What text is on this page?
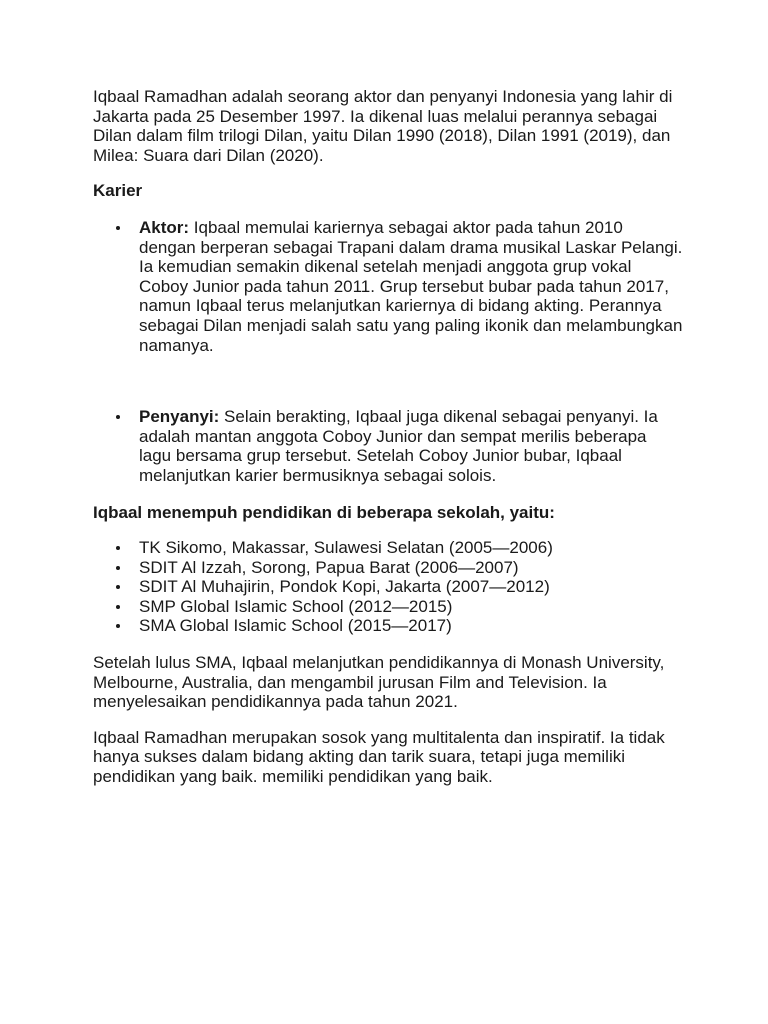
Iqbaal Ramadhan adalah seorang aktor dan penyanyi Indonesia yang lahir di Jakarta pada 25 Desember 1997. Ia dikenal luas melalui perannya sebagai Dilan dalam film trilogi Dilan, yaitu Dilan 1990 (2018), Dilan 1991 (2019), dan Milea: Suara dari Dilan (2020).

Karier

Aktor: Iqbaal memulai kariernya sebagai aktor pada tahun 2010 dengan berperan sebagai Trapani dalam drama musikal Laskar Pelangi. Ia kemudian semakin dikenal setelah menjadi anggota grup vokal Coboy Junior pada tahun 2011. Grup tersebut bubar pada tahun 2017, namun Iqbaal terus melanjutkan kariernya di bidang akting. Perannya sebagai Dilan menjadi salah satu yang paling ikonik dan melambungkan namanya.
Penyanyi: Selain berakting, Iqbaal juga dikenal sebagai penyanyi. Ia adalah mantan anggota Coboy Junior dan sempat merilis beberapa lagu bersama grup tersebut. Setelah Coboy Junior bubar, Iqbaal melanjutkan karier bermusiknya sebagai solois.

Iqbaal menempuh pendidikan di beberapa sekolah, yaitu:

TK Sikomo, Makassar, Sulawesi Selatan (2005—2006)
SDIT Al Izzah, Sorong, Papua Barat (2006—2007)
SDIT Al Muhajirin, Pondok Kopi, Jakarta (2007—2012)
SMP Global Islamic School (2012—2015)
SMA Global Islamic School (2015—2017)

Setelah lulus SMA, Iqbaal melanjutkan pendidikannya di Monash University, Melbourne, Australia, dan mengambil jurusan Film and Television. Ia menyelesaikan pendidikannya pada tahun 2021.

Iqbaal Ramadhan merupakan sosok yang multitalenta dan inspiratif. Ia tidak hanya sukses dalam bidang akting dan tarik suara, tetapi juga memiliki pendidikan yang baik. memiliki pendidikan yang baik.
